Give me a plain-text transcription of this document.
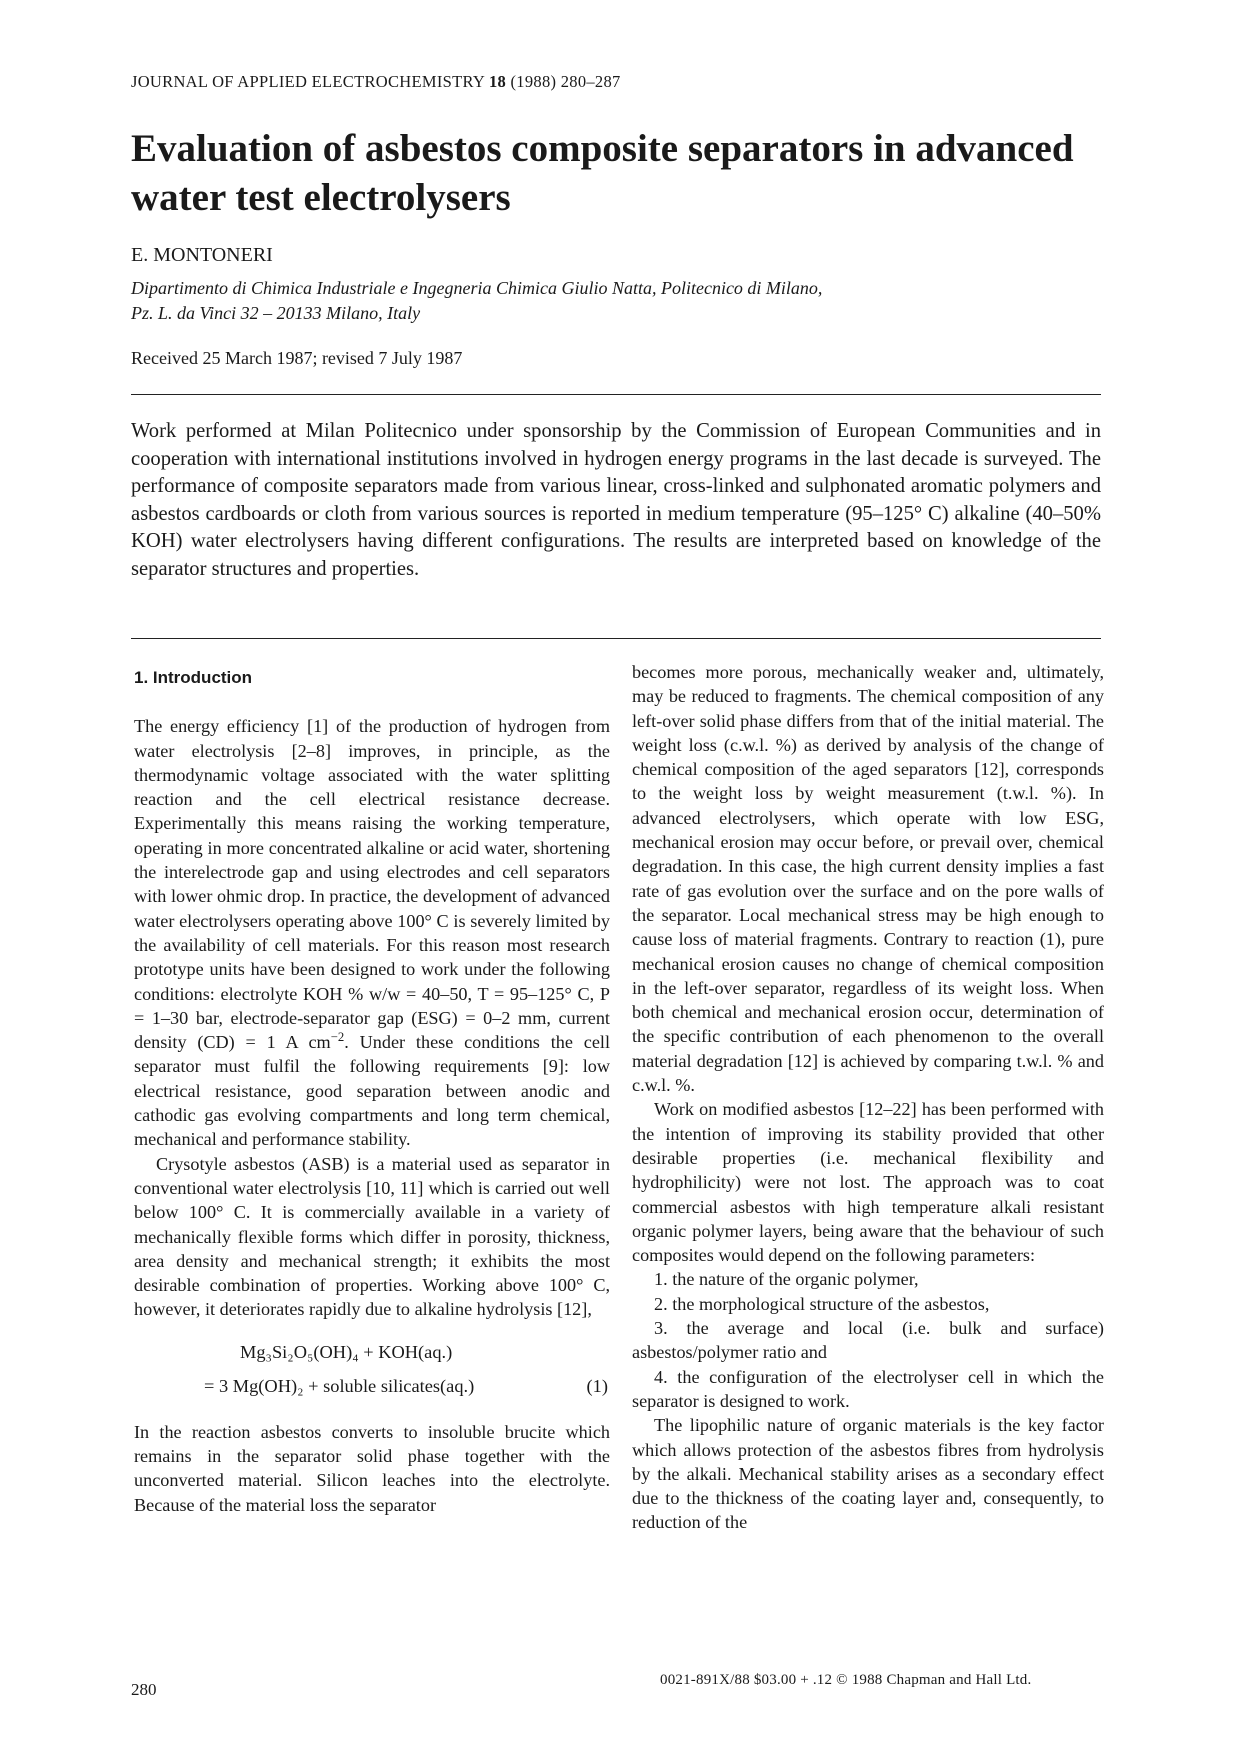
JOURNAL OF APPLIED ELECTROCHEMISTRY 18 (1988) 280–287
Evaluation of asbestos composite separators in advanced water test electrolysers
E. MONTONERI
Dipartimento di Chimica Industriale e Ingegneria Chimica Giulio Natta, Politecnico di Milano,
Pz. L. da Vinci 32 – 20133 Milano, Italy
Received 25 March 1987; revised 7 July 1987

Work performed at Milan Politecnico under sponsorship by the Commission of European Communities and in cooperation with international institutions involved in hydrogen energy programs in the last decade is surveyed. The performance of composite separators made from various linear, cross-linked and sulphonated aromatic polymers and asbestos cardboards or cloth from various sources is reported in medium temperature (95–125° C) alkaline (40–50% KOH) water electrolysers having different configurations. The results are interpreted based on knowledge of the separator structures and properties.

1. Introduction

The energy efficiency [1] of the production of hydrogen from water electrolysis [2–8] improves, in principle, as the thermodynamic voltage associated with the water splitting reaction and the cell electrical resistance decrease. Experimentally this means raising the working temperature, operating in more concentrated alkaline or acid water, shortening the interelectrode gap and using electrodes and cell separators with lower ohmic drop. In practice, the development of advanced water electrolysers operating above 100° C is severely limited by the availability of cell materials. For this reason most research prototype units have been designed to work under the following conditions: electrolyte KOH % w/w = 40–50, T = 95–125° C, P = 1–30 bar, electrode-separator gap (ESG) = 0–2 mm, current density (CD) = 1 A $cm^{-2}$. Under these conditions the cell separator must fulfil the following requirements [9]: low electrical resistance, good separation between anodic and cathodic gas evolving compartments and long term chemical, mechanical and performance stability.

Crysotyle asbestos (ASB) is a material used as separator in conventional water electrolysis [10, 11] which is carried out well below 100° C. It is commercially available in a variety of mechanically flexible forms which differ in porosity, thickness, area density and mechanical strength; it exhibits the most desirable combination of properties. Working above 100° C, however, it deteriorates rapidly due to alkaline hydrolysis [12],

Mg₃Si₂O₅(OH)₄ + KOH(aq.)
= 3 Mg(OH)₂ + soluble silicates(aq.)	(1)

In the reaction asbestos converts to insoluble brucite which remains in the separator solid phase together with the unconverted material. Silicon leaches into the electrolyte. Because of the material loss the separator

becomes more porous, mechanically weaker and, ultimately, may be reduced to fragments. The chemical composition of any left-over solid phase differs from that of the initial material. The weight loss (c.w.l. %) as derived by analysis of the change of chemical composition of the aged separators [12], corresponds to the weight loss by weight measurement (t.w.l. %). In advanced electrolysers, which operate with low ESG, mechanical erosion may occur before, or prevail over, chemical degradation. In this case, the high current density implies a fast rate of gas evolution over the surface and on the pore walls of the separator. Local mechanical stress may be high enough to cause loss of material fragments. Contrary to reaction (1), pure mechanical erosion causes no change of chemical composition in the left-over separator, regardless of its weight loss. When both chemical and mechanical erosion occur, determination of the specific contribution of each phenomenon to the overall material degradation [12] is achieved by comparing t.w.l. % and c.w.l. %.

Work on modified asbestos [12–22] has been performed with the intention of improving its stability provided that other desirable properties (i.e. mechanical flexibility and hydrophilicity) were not lost. The approach was to coat commercial asbestos with high temperature alkali resistant organic polymer layers, being aware that the behaviour of such composites would depend on the following parameters:

1. the nature of the organic polymer,

2. the morphological structure of the asbestos,

3. the average and local (i.e. bulk and surface) asbestos/polymer ratio and

4. the configuration of the electrolyser cell in which the separator is designed to work.

The lipophilic nature of organic materials is the key factor which allows protection of the asbestos fibres from hydrolysis by the alkali. Mechanical stability arises as a secondary effect due to the thickness of the coating layer and, consequently, to reduction of the

280	0021-891X/88 $03.00 + .12 © 1988 Chapman and Hall Ltd.
